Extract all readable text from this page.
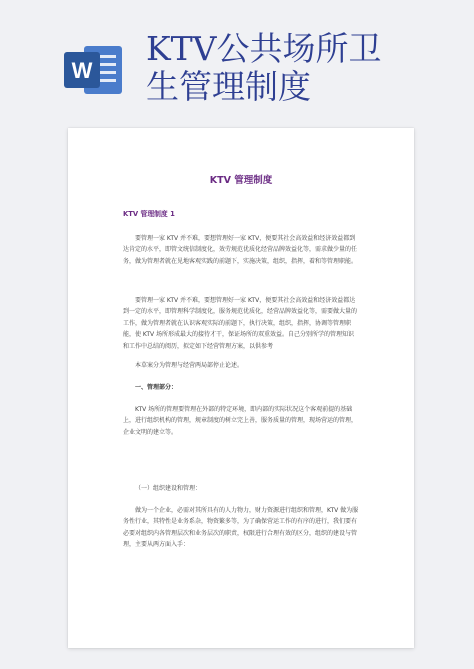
W
KTV公共场所卫
生管理制度
KTV 管理制度
KTV 管理制度 1

要管理一家 KTV 并不难，要想管理好一家 KTV，便要其社会高效益和经济效益都到达肯定的水平，即管文统信制度化，效劳规范优质化经营品牌效益化等，需求做少量的任务，做为管理者就在见地客观实践的前题下，实施决策，组织，指挥，着和等管理职能。

要管理一家 KTV 并不难，要想管理好一家 KTV，便要其社会高效益和经济效益都达到一定的水平，即管理科学制度化，服务规范优质化，经营品牌效益化等，需要做大量的工作，做为管理者就在认识客观实际的前题下，执行决策，组织，指挥，协调等管理职能，使 KTV 场所形成最大的接待才干，保证场所的双重效益。自己分别所学的管理知识和工作中总结的阅历，拟定如下经营管理方案，以供参考

本草案分为管理与经营两局部停止论述。

一、管理部分：

KTV 场所的管理要管理在外部的特定环境，即内部的实际状况这个客观前提的基础上，进行组织机构的管理，规章制度的树立完上善，服务质量的管理，现场营运的管理，企业文明的建立等。

（一）组织建设和管理：

做为一个企业，必需对其所具有的人力物力，财力资源进行组织和管理，KTV 做为服务性行业，其特性是业务系杂，物资繁多等，为了确保营运工作的有序的进行，我们要有必要对组织内各管理层次和业务层次的职责，权限进行合理有效的区分，组织的建设与管理，主要从两方面入手：
